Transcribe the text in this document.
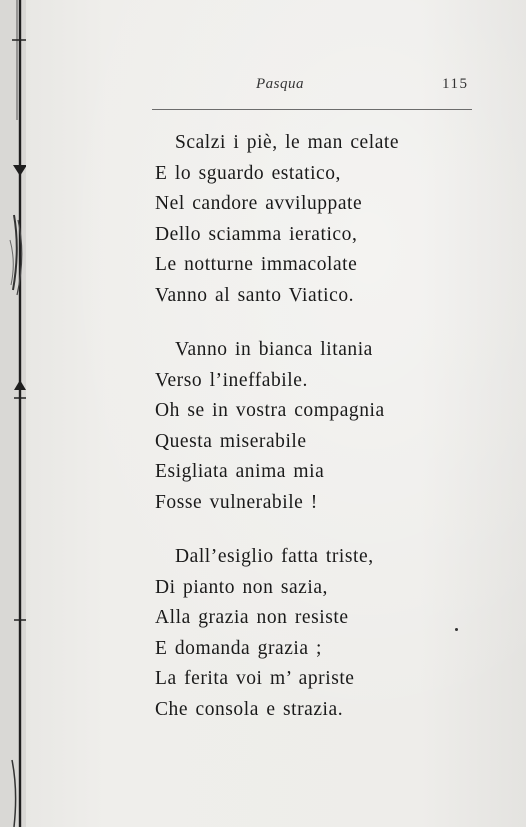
Pasqua	115
Scalzi i piè, le man celate
E lo sguardo estatico,
Nel candore avviluppate
Dello sciamma ieratico,
Le notturne immacolate
Vanno al santo Viatico.
Vanno in bianca litania
Verso l’ineffabile.
Oh se in vostra compagnia
Questa miserabile
Esigliata anima mia
Fosse vulnerabile !
Dall’esiglio fatta triste,
Di pianto non sazia,
Alla grazia non resiste
E domanda grazia ;
La ferita voi m’ apriste
Che consola e strazia.
